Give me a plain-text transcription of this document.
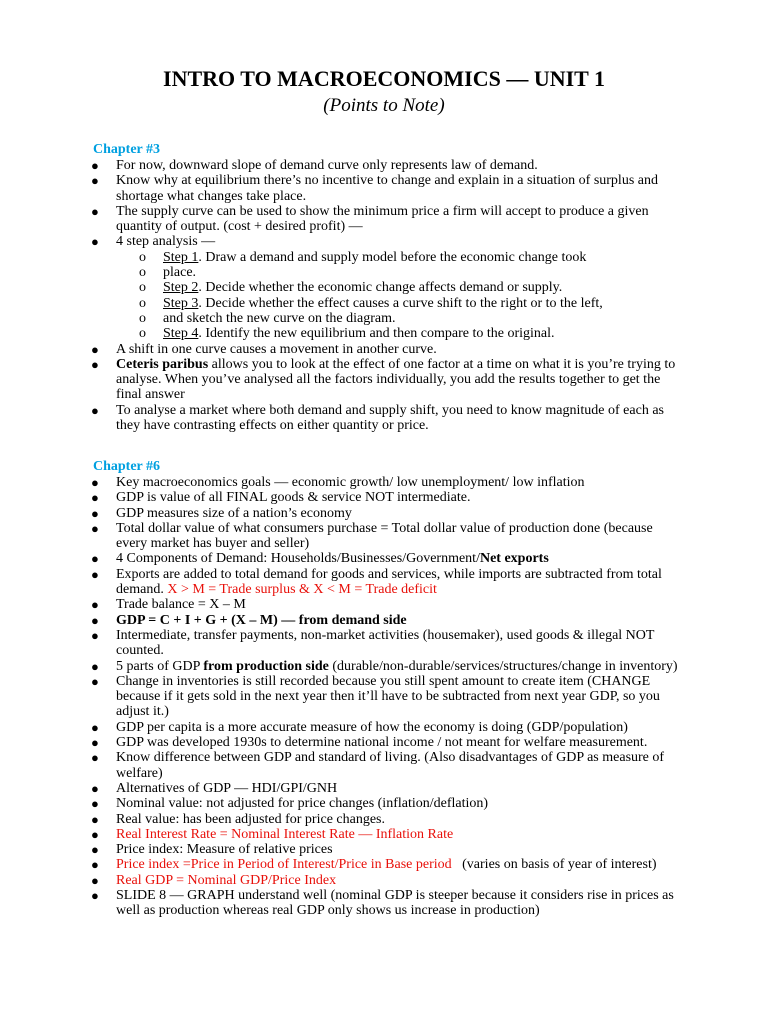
INTRO TO MACROECONOMICS — UNIT 1

(Points to Note)

Chapter #3

● For now, downward slope of demand curve only represents law of demand.
● Know why at equilibrium there’s no incentive to change and explain in a situation of surplus and shortage what changes take place.
● The supply curve can be used to show the minimum price a firm will accept to produce a given quantity of output. (cost + desired profit) —
● 4 step analysis —
o Step 1. Draw a demand and supply model before the economic change took
o place.
o Step 2. Decide whether the economic change affects demand or supply.
o Step 3. Decide whether the effect causes a curve shift to the right or to the left,
o and sketch the new curve on the diagram.
o Step 4. Identify the new equilibrium and then compare to the original.
● A shift in one curve causes a movement in another curve.
● Ceteris paribus allows you to look at the effect of one factor at a time on what it is you’re trying to analyse. When you’ve analysed all the factors individually, you add the results together to get the final answer
● To analyse a market where both demand and supply shift, you need to know magnitude of each as they have contrasting effects on either quantity or price.

Chapter #6

● Key macroeconomics goals — economic growth/ low unemployment/ low inflation
● GDP is value of all FINAL goods & service NOT intermediate.
● GDP measures size of a nation’s economy
● Total dollar value of what consumers purchase = Total dollar value of production done (because every market has buyer and seller)
● 4 Components of Demand: Households/Businesses/Government/Net exports
● Exports are added to total demand for goods and services, while imports are subtracted from total demand. X > M = Trade surplus & X < M = Trade deficit
● Trade balance = X – M
● GDP = C + I + G + (X – M) — from demand side
● Intermediate, transfer payments, non-market activities (housemaker), used goods & illegal NOT counted.
● 5 parts of GDP from production side (durable/non-durable/services/structures/change in inventory)
● Change in inventories is still recorded because you still spent amount to create item (CHANGE because if it gets sold in the next year then it’ll have to be subtracted from next year GDP, so you adjust it.)
● GDP per capita is a more accurate measure of how the economy is doing (GDP/population)
● GDP was developed 1930s to determine national income / not meant for welfare measurement.
● Know difference between GDP and standard of living. (Also disadvantages of GDP as measure of welfare)
● Alternatives of GDP — HDI/GPI/GNH
● Nominal value: not adjusted for price changes (inflation/deflation)
● Real value: has been adjusted for price changes.
● Real Interest Rate = Nominal Interest Rate — Inflation Rate
● Price index: Measure of relative prices
● Price index =Price in Period of Interest/Price in Base period   (varies on basis of year of interest)
● Real GDP = Nominal GDP/Price Index
● SLIDE 8 — GRAPH understand well (nominal GDP is steeper because it considers rise in prices as well as production whereas real GDP only shows us increase in production)
